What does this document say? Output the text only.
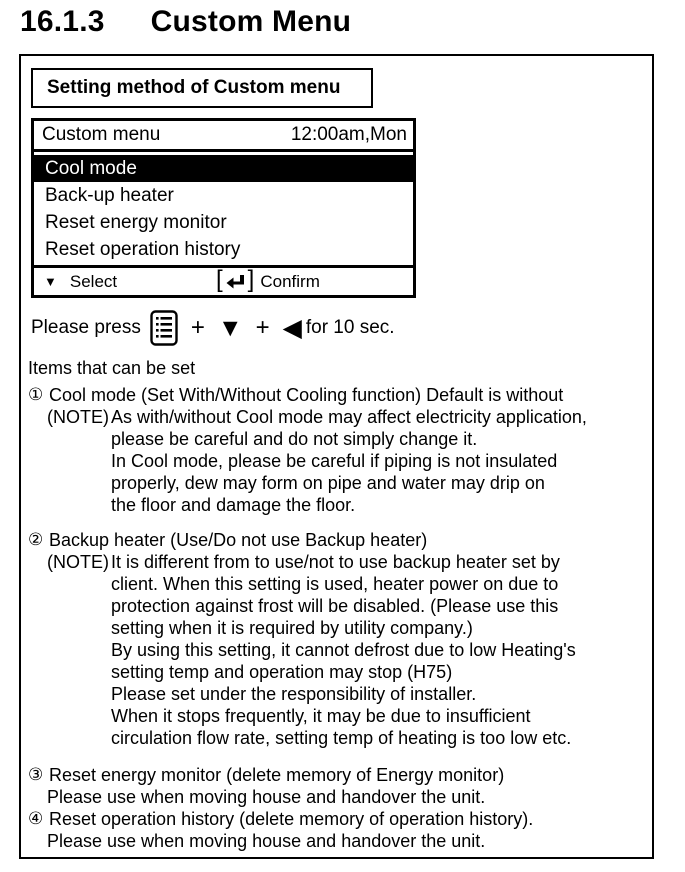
16.1.3 Custom Menu
Setting method of Custom menu
Custom menu	12:00am,Mon
Cool mode
Back-up heater
Reset energy monitor
Reset operation history
▼ Select	[ ] Confirm
Please press + ▼ + ◀ for 10 sec.
Items that can be set
① Cool mode (Set With/Without Cooling function) Default is without
(NOTE) As with/without Cool mode may affect electricity application,
please be careful and do not simply change it.
In Cool mode, please be careful if piping is not insulated
properly, dew may form on pipe and water may drip on
the floor and damage the floor.
② Backup heater (Use/Do not use Backup heater)
(NOTE) It is different from to use/not to use backup heater set by
client. When this setting is used, heater power on due to
protection against frost will be disabled. (Please use this
setting when it is required by utility company.)
By using this setting, it cannot defrost due to low Heating's
setting temp and operation may stop (H75)
Please set under the responsibility of installer.
When it stops frequently, it may be due to insufficient
circulation flow rate, setting temp of heating is too low etc.
③ Reset energy monitor (delete memory of Energy monitor)
Please use when moving house and handover the unit.
④ Reset operation history (delete memory of operation history).
Please use when moving house and handover the unit.
